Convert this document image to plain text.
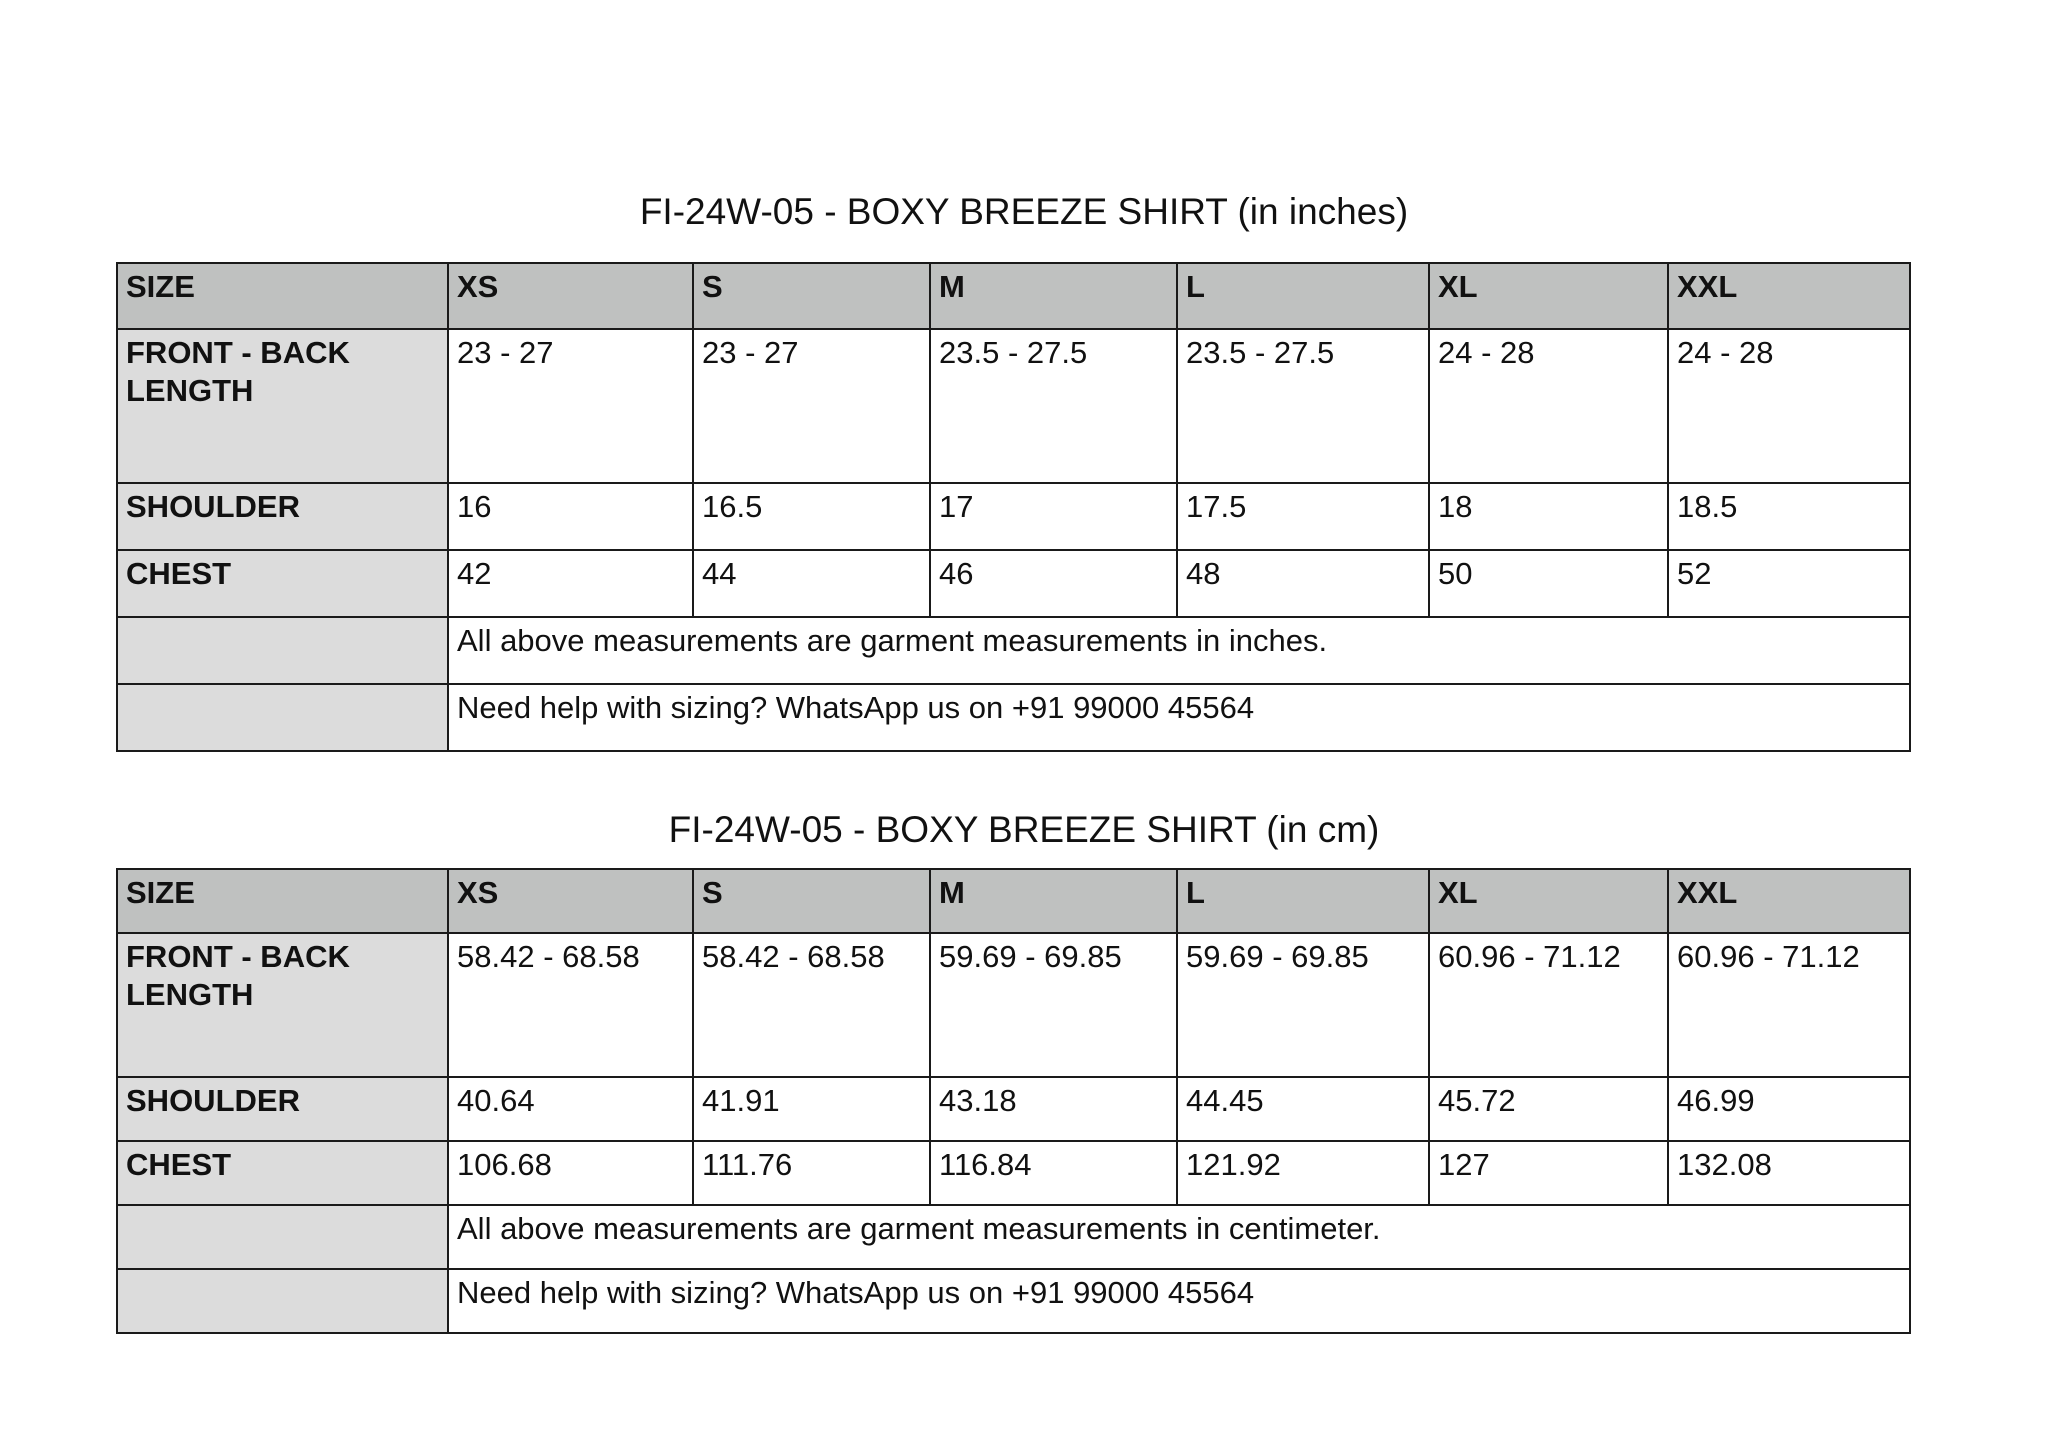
FI-24W-05 - BOXY BREEZE SHIRT (in inches)
SIZE	XS	S	M	L	XL	XXL
FRONT - BACK LENGTH	23 - 27	23 - 27	23.5 - 27.5	23.5 - 27.5	24 - 28	24 - 28
SHOULDER	16	16.5	17	17.5	18	18.5
CHEST	42	44	46	48	50	52
	All above measurements are garment measurements in inches.					
	Need help with sizing? WhatsApp us on +91 99000 45564					
FI-24W-05 - BOXY BREEZE SHIRT (in cm)
SIZE	XS	S	M	L	XL	XXL
FRONT - BACK LENGTH	58.42 - 68.58	58.42 - 68.58	59.69 - 69.85	59.69 - 69.85	60.96 - 71.12	60.96 - 71.12
SHOULDER	40.64	41.91	43.18	44.45	45.72	46.99
CHEST	106.68	111.76	116.84	121.92	127	132.08
	All above measurements are garment measurements in centimeter.					
	Need help with sizing? WhatsApp us on +91 99000 45564					
